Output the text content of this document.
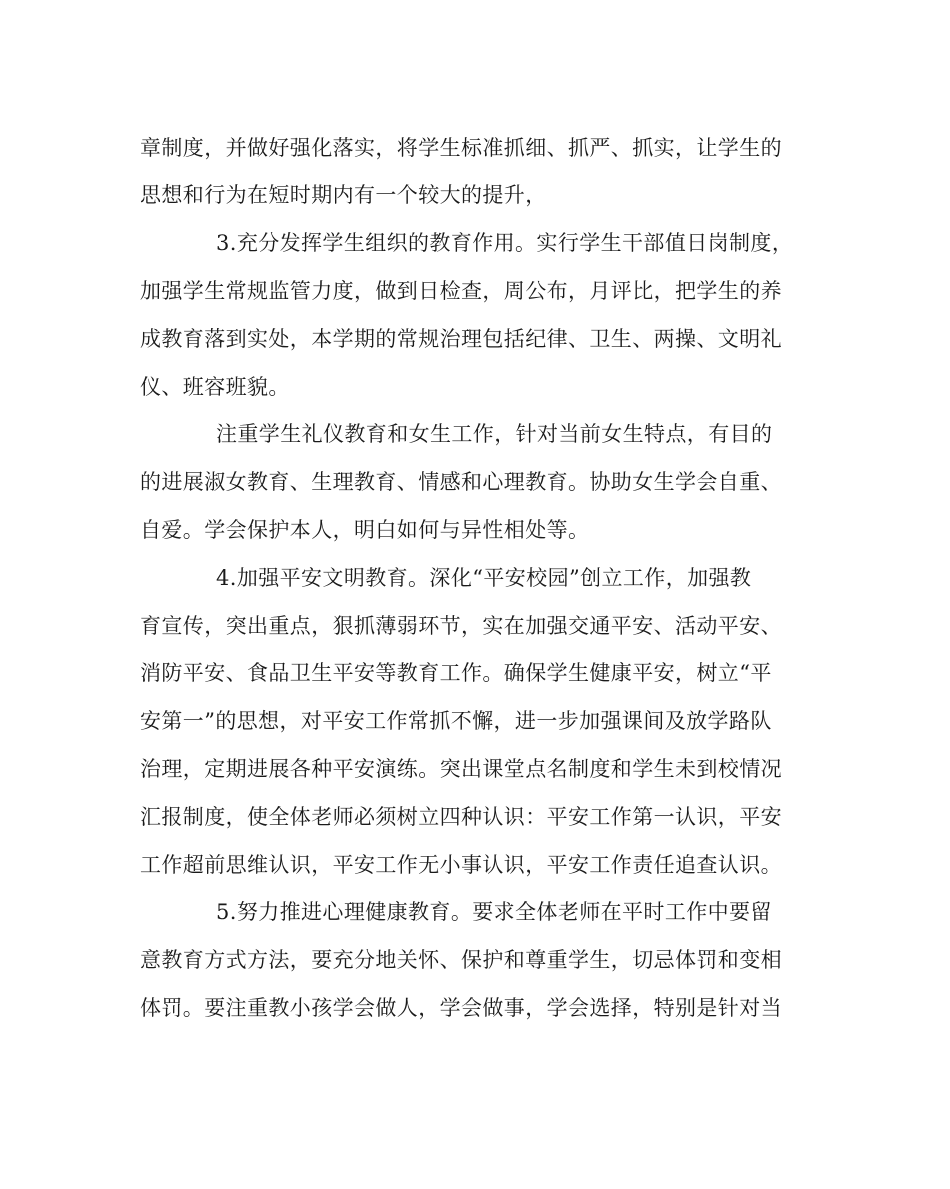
章制度，并做好强化落实，将学生标准抓细、抓严、抓实，让学生的
思想和行为在短时期内有一个较大的提升，
3.充分发挥学生组织的教育作用。实行学生干部值日岗制度，
加强学生常规监管力度，做到日检查，周公布，月评比，把学生的养
成教育落到实处，本学期的常规治理包括纪律、卫生、两操、文明礼
仪、班容班貌。
注重学生礼仪教育和女生工作，针对当前女生特点，有目的
的进展淑女教育、生理教育、情感和心理教育。协助女生学会自重、
自爱。学会保护本人，明白如何与异性相处等。
4.加强平安文明教育。深化“平安校园”创立工作，加强教
育宣传，突出重点，狠抓薄弱环节，实在加强交通平安、活动平安、
消防平安、食品卫生平安等教育工作。确保学生健康平安，树立“平
安第一”的思想，对平安工作常抓不懈，进一步加强课间及放学路队
治理，定期进展各种平安演练。突出课堂点名制度和学生未到校情况
汇报制度，使全体老师必须树立四种认识：平安工作第一认识，平安
工作超前思维认识，平安工作无小事认识，平安工作责任追查认识。
5.努力推进心理健康教育。要求全体老师在平时工作中要留
意教育方式方法，要充分地关怀、保护和尊重学生，切忌体罚和变相
体罚。要注重教小孩学会做人，学会做事，学会选择，特别是针对当
